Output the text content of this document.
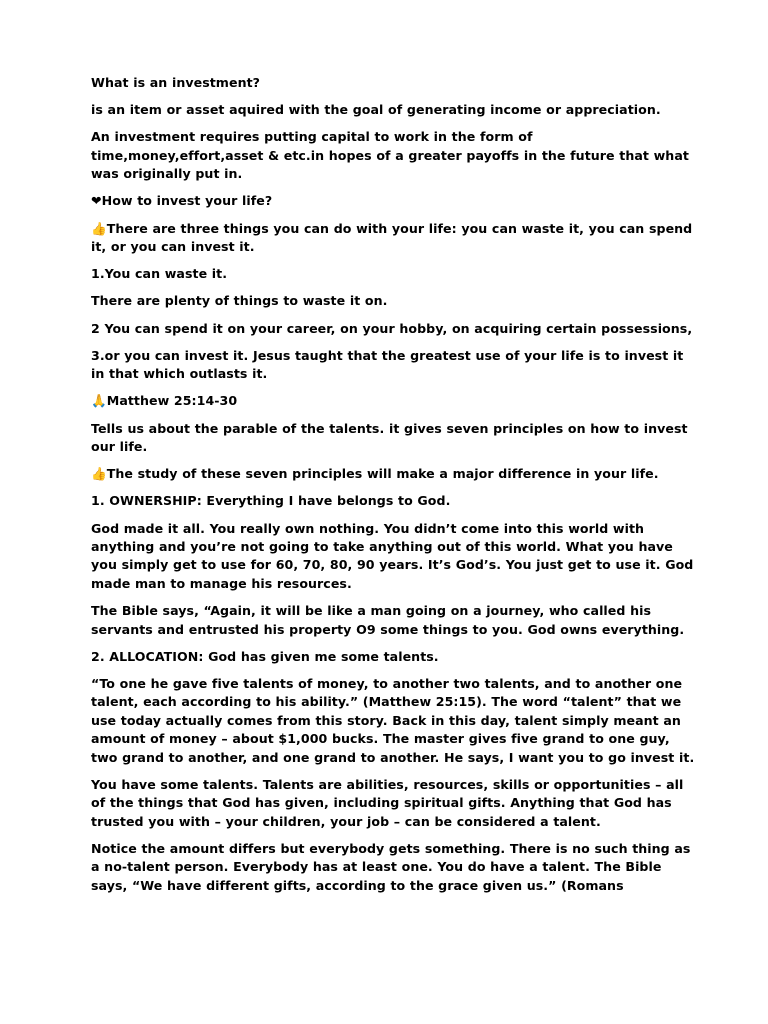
What is an investment?

is an item or asset aquired with the goal of generating income or appreciation.

An investment requires putting capital to work in the form of time,money,effort,asset & etc.in hopes of a greater payoffs in the future that what was originally put in.

❤How to invest your life?

👍There are three things you can do with your life: you can waste it, you can spend it, or you can invest it.

1.You can waste it.

There are plenty of things to waste it on.

2 You can spend it on your career, on your hobby, on acquiring certain possessions,

3.or you can invest it. Jesus taught that the greatest use of your life is to invest it in that which outlasts it.

🙏Matthew 25:14-30

Tells us about the parable of the talents. it gives seven principles on how to invest our life.

👍The study of these seven principles will make a major difference in your life.

1. OWNERSHIP: Everything I have belongs to God.

God made it all. You really own nothing. You didn’t come into this world with anything and you’re not going to take anything out of this world. What you have you simply get to use for 60, 70, 80, 90 years. It’s God’s. You just get to use it. God made man to manage his resources.

The Bible says, “Again, it will be like a man going on a journey, who called his servants and entrusted his property O9 some things to you. God owns everything.

2. ALLOCATION: God has given me some talents.

“To one he gave five talents of money, to another two talents, and to another one talent, each according to his ability.” (Matthew 25:15). The word “talent” that we use today actually comes from this story. Back in this day, talent simply meant an amount of money – about $1,000 bucks. The master gives five grand to one guy, two grand to another, and one grand to another. He says, I want you to go invest it.

You have some talents. Talents are abilities, resources, skills or opportunities – all of the things that God has given, including spiritual gifts. Anything that God has trusted you with – your children, your job – can be considered a talent.

Notice the amount differs but everybody gets something. There is no such thing as a no-talent person. Everybody has at least one. You do have a talent. The Bible says, “We have different gifts, according to the grace given us.” (Romans
